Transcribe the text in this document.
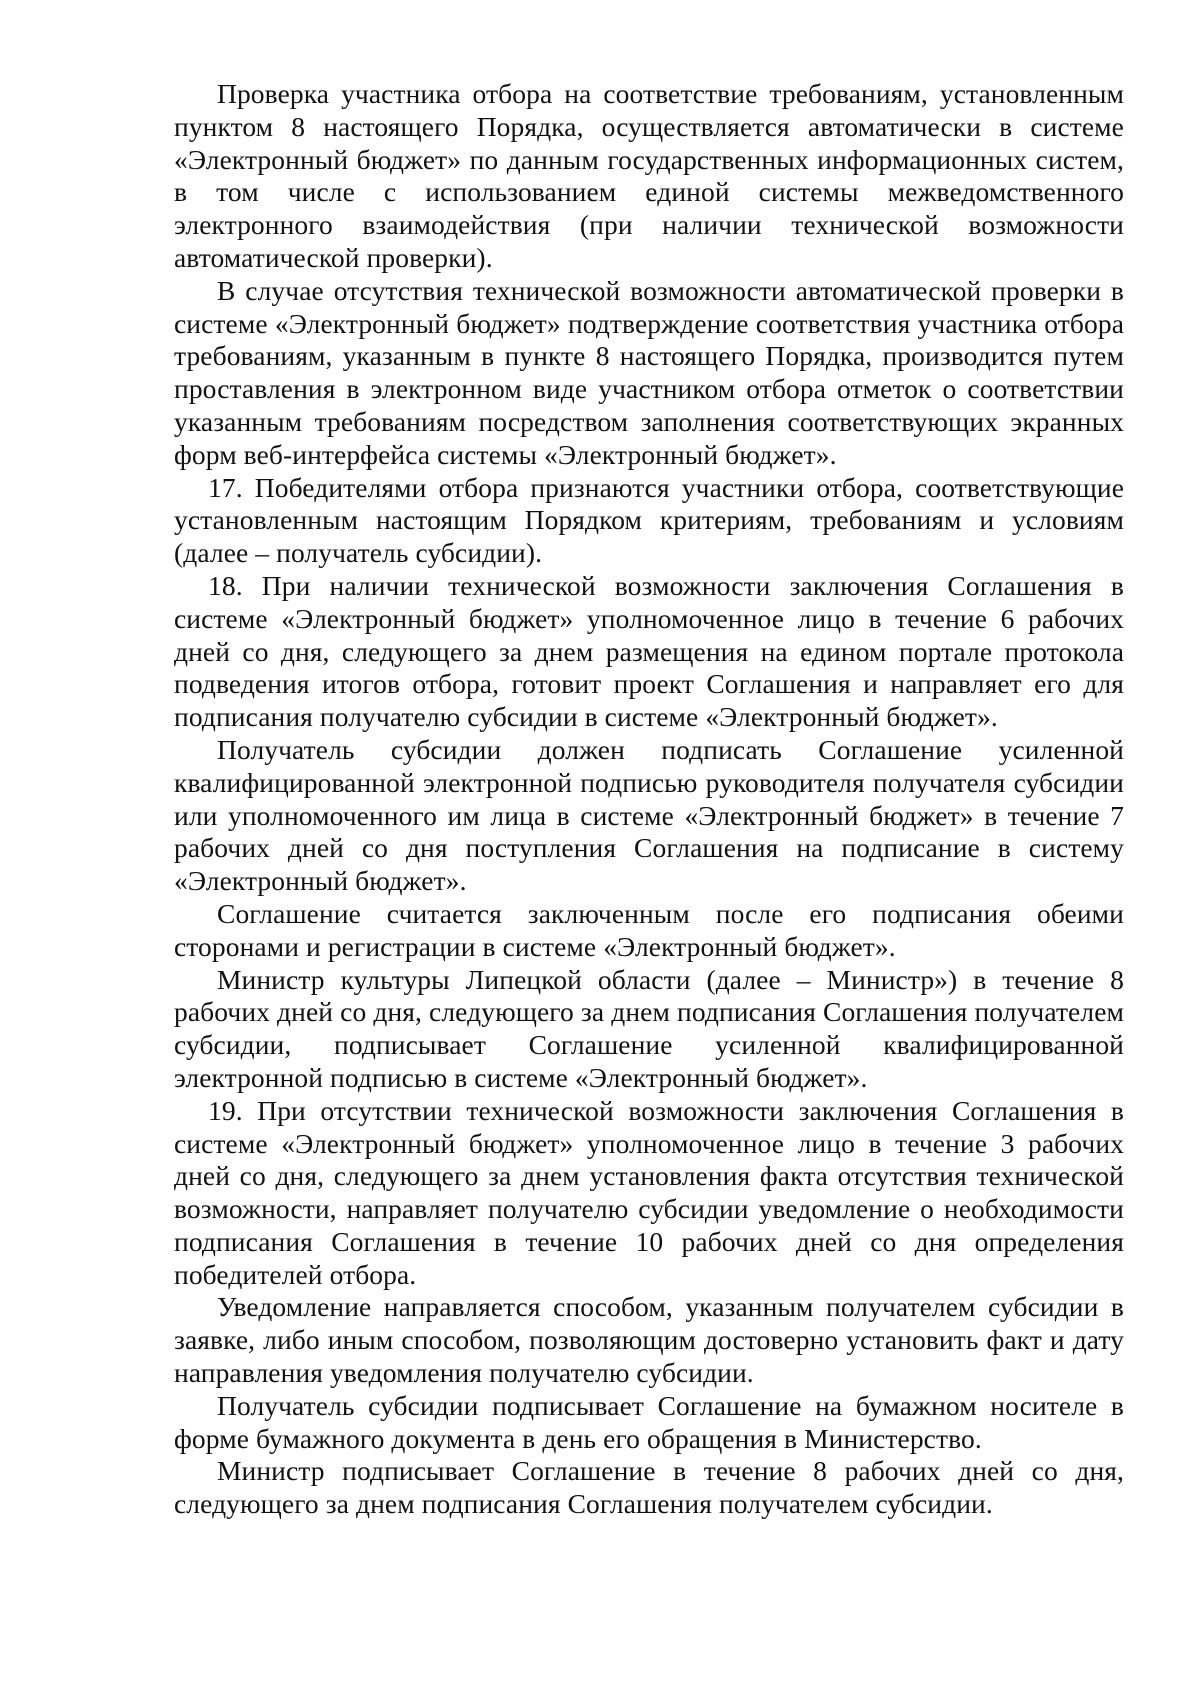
Проверка участника отбора на соответствие требованиям, установленным пунктом 8 настоящего Порядка, осуществляется автоматически в системе «Электронный бюджет» по данным государственных информационных систем, в том числе с использованием единой системы межведомственного электронного взаимодействия (при наличии технической возможности автоматической проверки).

В случае отсутствия технической возможности автоматической проверки в системе «Электронный бюджет» подтверждение соответствия участника отбора требованиям, указанным в пункте 8 настоящего Порядка, производится путем проставления в электронном виде участником отбора отметок о соответствии указанным требованиям посредством заполнения соответствующих экранных форм веб-интерфейса системы «Электронный бюджет».

17. Победителями отбора признаются участники отбора, соответствующие установленным настоящим Порядком критериям, требованиям и условиям (далее – получатель субсидии).

18. При наличии технической возможности заключения Соглашения в системе «Электронный бюджет» уполномоченное лицо в течение 6 рабочих дней со дня, следующего за днем размещения на едином портале протокола подведения итогов отбора, готовит проект Соглашения и направляет его для подписания получателю субсидии в системе «Электронный бюджет».

Получатель субсидии должен подписать Соглашение усиленной квалифицированной электронной подписью руководителя получателя субсидии или уполномоченного им лица в системе «Электронный бюджет» в течение 7 рабочих дней со дня поступления Соглашения на подписание в систему «Электронный бюджет».

Соглашение считается заключенным после его подписания обеими сторонами и регистрации в системе «Электронный бюджет».

Министр культуры Липецкой области (далее – Министр») в течение 8 рабочих дней со дня, следующего за днем подписания Соглашения получателем субсидии, подписывает Соглашение усиленной квалифицированной электронной подписью в системе «Электронный бюджет».

19. При отсутствии технической возможности заключения Соглашения в системе «Электронный бюджет» уполномоченное лицо в течение 3 рабочих дней со дня, следующего за днем установления факта отсутствия технической возможности, направляет получателю субсидии уведомление о необходимости подписания Соглашения в течение 10 рабочих дней со дня определения победителей отбора.

Уведомление направляется способом, указанным получателем субсидии в заявке, либо иным способом, позволяющим достоверно установить факт и дату направления уведомления получателю субсидии.

Получатель субсидии подписывает Соглашение на бумажном носителе в форме бумажного документа в день его обращения в Министерство.

Министр подписывает Соглашение в течение 8 рабочих дней со дня, следующего за днем подписания Соглашения получателем субсидии.
